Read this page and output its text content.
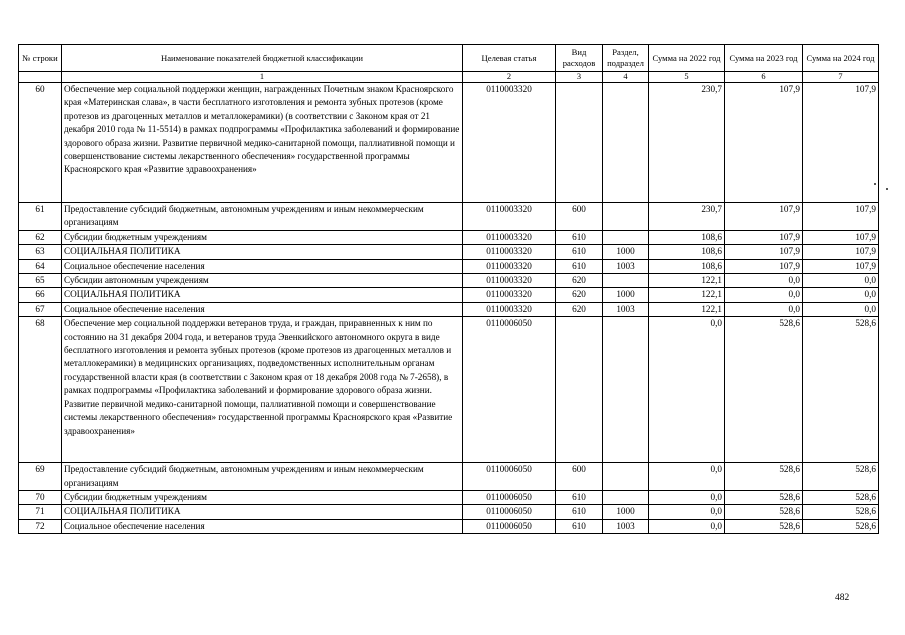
№ строки	Наименование показателей бюджетной классификации	Целевая статья	Вид расходов	Раздел, подраздел	Сумма на 2022 год	Сумма на 2023 год	Сумма на 2024 год
	1	2	3	4	5	6	7
60	Обеспечение мер социальной поддержки женщин, награжденных Почетным знаком Красноярского края «Материнская слава», в части бесплатного изготовления и ремонта зубных протезов (кроме протезов из драгоценных металлов и металлокерамики) (в соответствии с Законом края от 21 декабря 2010 года № 11-5514) в рамках подпрограммы «Профилактика заболеваний и формирование здорового образа жизни. Развитие первичной медико-санитарной помощи, паллиативной помощи и совершенствование системы лекарственного обеспечения» государственной программы Красноярского края «Развитие здравоохранения»	0110003320			230,7	107,9	107,9
61	Предоставление субсидий бюджетным, автономным учреждениям и иным некоммерческим организациям	0110003320	600		230,7	107,9	107,9
62	Субсидии бюджетным учреждениям	0110003320	610		108,6	107,9	107,9
63	СОЦИАЛЬНАЯ ПОЛИТИКА	0110003320	610	1000	108,6	107,9	107,9
64	Социальное обеспечение населения	0110003320	610	1003	108,6	107,9	107,9
65	Субсидии автономным учреждениям	0110003320	620		122,1	0,0	0,0
66	СОЦИАЛЬНАЯ ПОЛИТИКА	0110003320	620	1000	122,1	0,0	0,0
67	Социальное обеспечение населения	0110003320	620	1003	122,1	0,0	0,0
68	Обеспечение мер социальной поддержки ветеранов труда, и граждан, приравненных к ним по состоянию на 31 декабря 2004 года, и ветеранов труда Эвенкийского автономного округа в виде бесплатного изготовления и ремонта зубных протезов (кроме протезов из драгоценных металлов и металлокерамики) в медицинских организациях, подведомственных исполнительным органам государственной власти края (в соответствии с Законом края от 18 декабря 2008 года № 7-2658), в рамках подпрограммы «Профилактика заболеваний и формирование здорового образа жизни. Развитие первичной медико-санитарной помощи, паллиативной помощи и совершенствование системы лекарственного обеспечения» государственной программы Красноярского края «Развитие здравоохранения»	0110006050			0,0	528,6	528,6
69	Предоставление субсидий бюджетным, автономным учреждениям и иным некоммерческим организациям	0110006050	600		0,0	528,6	528,6
70	Субсидии бюджетным учреждениям	0110006050	610		0,0	528,6	528,6
71	СОЦИАЛЬНАЯ ПОЛИТИКА	0110006050	610	1000	0,0	528,6	528,6
72	Социальное обеспечение населения	0110006050	610	1003	0,0	528,6	528,6
482
